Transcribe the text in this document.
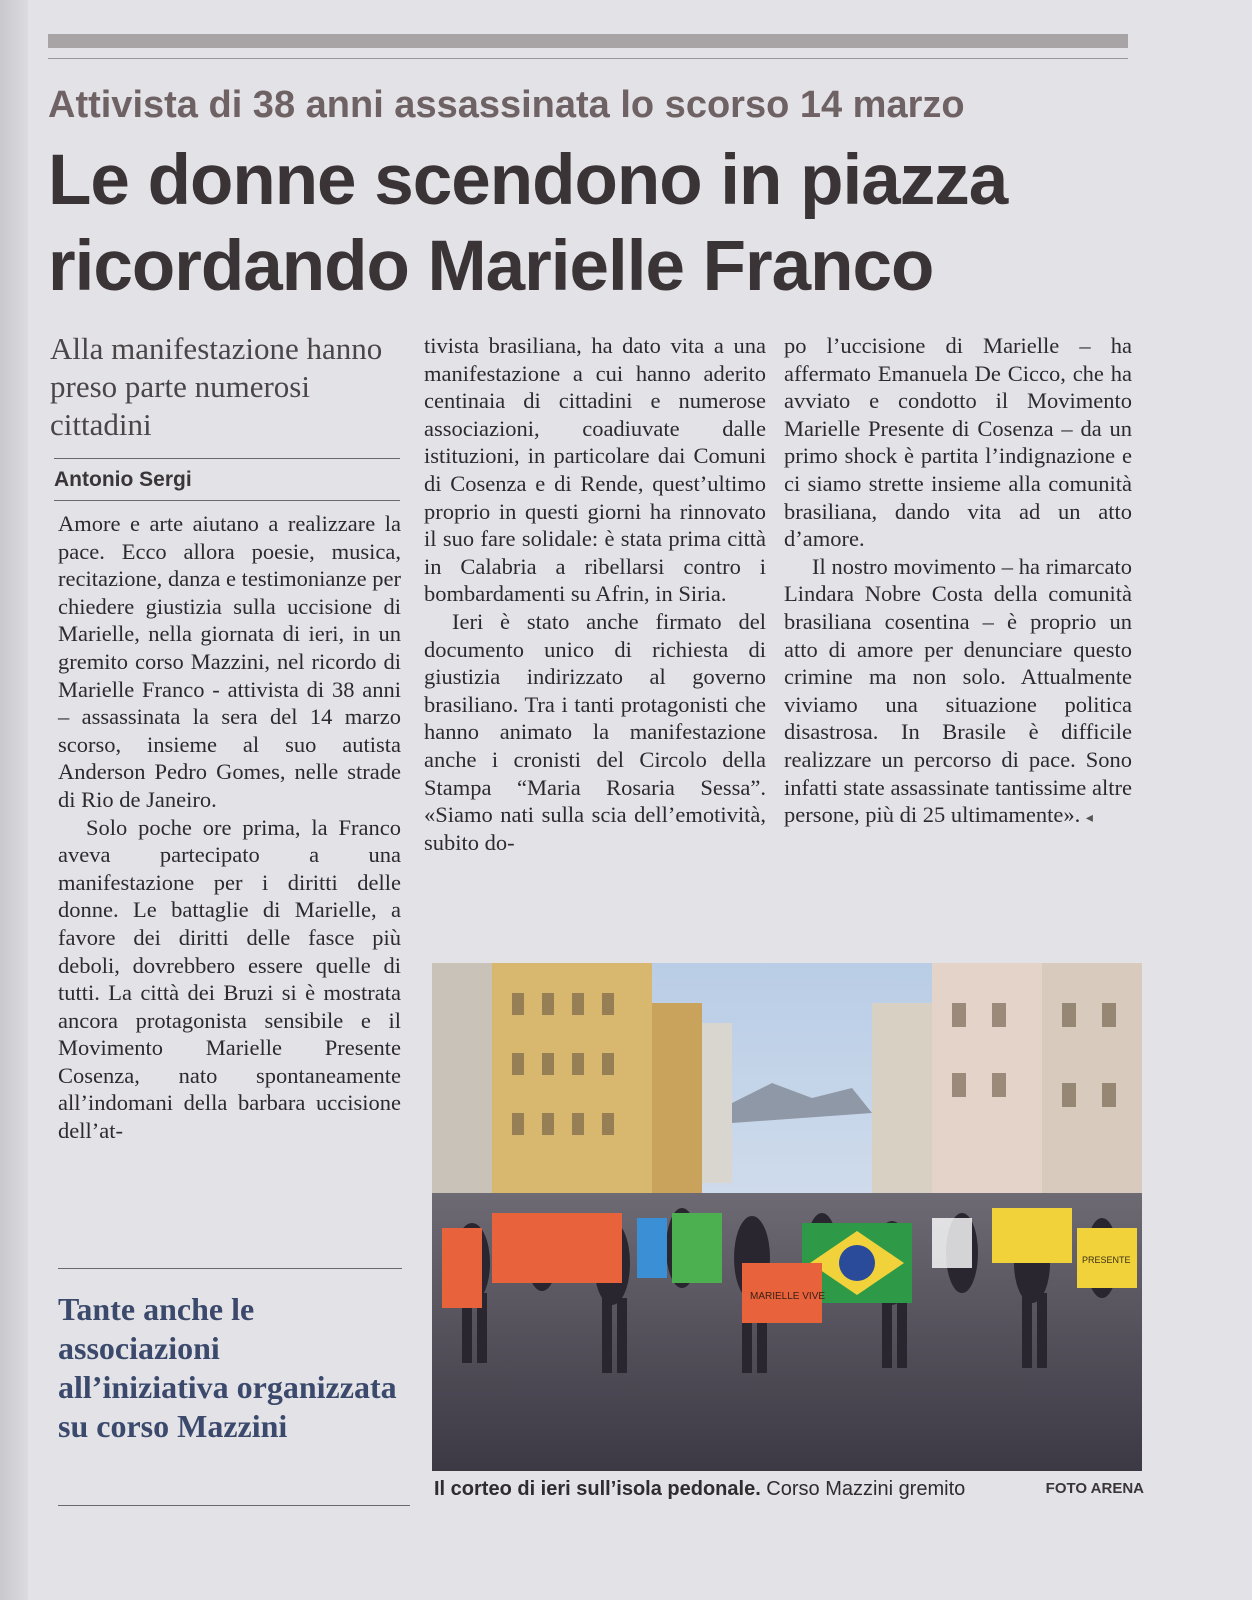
Attivista di 38 anni assassinata lo scorso 14 marzo
Le donne scendono in piazza
ricordando Marielle Franco
Alla manifestazione hanno preso parte numerosi cittadini
Antonio Sergi

Amore e arte aiutano a realizzare la pace. Ecco allora poesie, musica, recitazione, danza e testimonianze per chiedere giustizia sulla uccisione di Marielle, nella giornata di ieri, in un gremito corso Mazzini, nel ricordo di Marielle Franco - attivista di 38 anni – assassinata la sera del 14 marzo scorso, insieme al suo autista Anderson Pedro Gomes, nelle strade di Rio de Janeiro.

Solo poche ore prima, la Franco aveva partecipato a una manifestazione per i diritti delle donne. Le battaglie di Marielle, a favore dei diritti delle fasce più deboli, dovrebbero essere quelle di tutti. La città dei Bruzi si è mostrata ancora protagonista sensibile e il Movimento Marielle Presente Cosenza, nato spontaneamente all’indomani della barbara uccisione dell’at-

tivista brasiliana, ha dato vita a una manifestazione a cui hanno aderito centinaia di cittadini e numerose associazioni, coadiuvate dalle istituzioni, in particolare dai Comuni di Cosenza e di Rende, quest’ultimo proprio in questi giorni ha rinnovato il suo fare solidale: è stata prima città in Calabria a ribellarsi contro i bombardamenti su Afrin, in Siria.

Ieri è stato anche firmato del documento unico di richiesta di giustizia indirizzato al governo brasiliano. Tra i tanti protagonisti che hanno animato la manifestazione anche i cronisti del Circolo della Stampa “Maria Rosaria Sessa”. «Siamo nati sulla scia dell’emotività, subito do-

po l’uccisione di Marielle – ha affermato Emanuela De Cicco, che ha avviato e condotto il Movimento Marielle Presente di Cosenza – da un primo shock è partita l’indignazione e ci siamo strette insieme alla comunità brasiliana, dando vita ad un atto d’amore.

Il nostro movimento – ha rimarcato Lindara Nobre Costa della comunità brasiliana cosentina – è proprio un atto di amore per denunciare questo crimine ma non solo. Attualmente viviamo una situazione politica disastrosa. In Brasile è difficile realizzare un percorso di pace. Sono infatti state assassinate tantissime altre persone, più di 25 ultimamente». ◂

Tante anche le associazioni all’iniziativa organizzata su corso Mazzini
MARIELLE VIVE
PRESENTE
Il corteo di ieri sull’isola pedonale. Corso Mazzini gremito	FOTO ARENA
